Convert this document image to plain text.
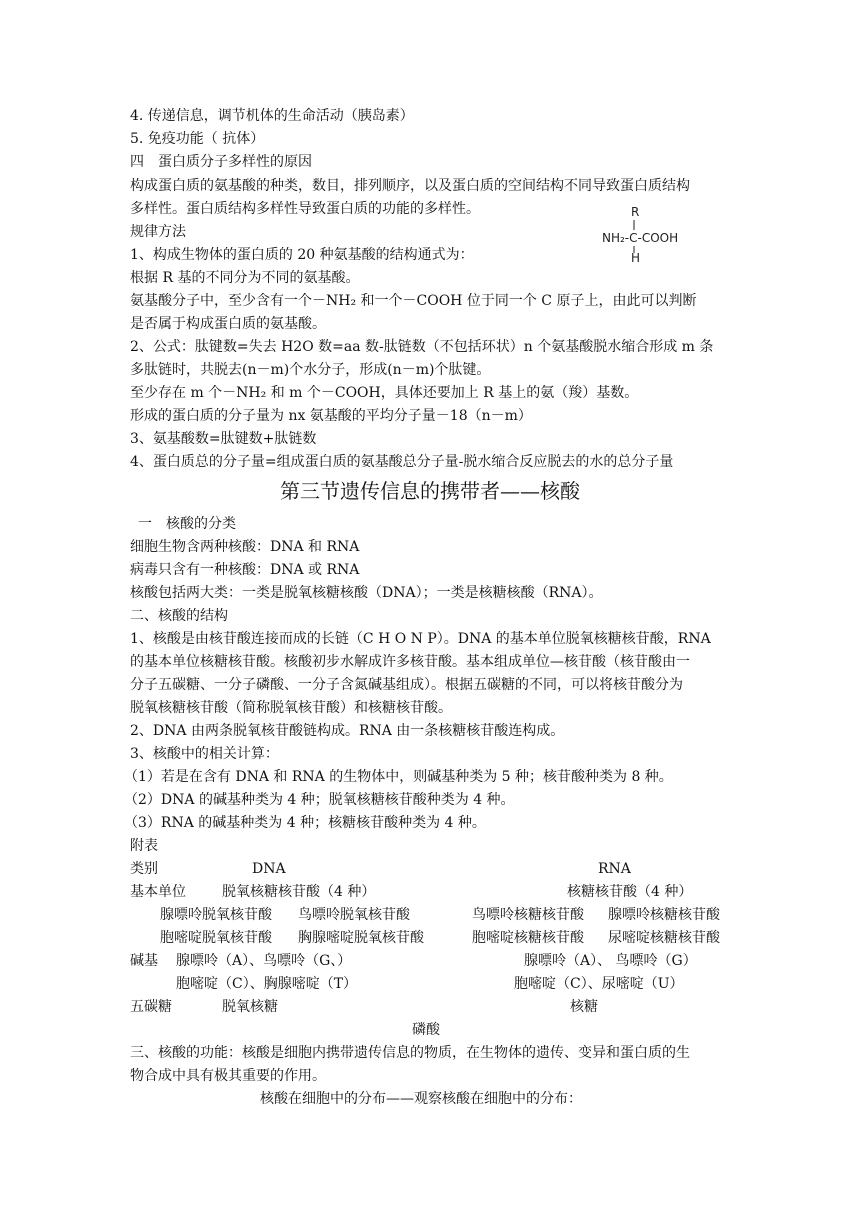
4. 传递信息，调节机体的生命活动（胰岛素）
5. 免疫功能（ 抗体）
四　蛋白质分子多样性的原因
构成蛋白质的氨基酸的种类，数目，排列顺序，以及蛋白质的空间结构不同导致蛋白质结构
多样性。蛋白质结构多样性导致蛋白质的功能的多样性。
规律方法
1、构成生物体的蛋白质的 20 种氨基酸的结构通式为：
R
NH₂-C-COOH
H
根据 R 基的不同分为不同的氨基酸。
氨基酸分子中，至少含有一个－NH₂ 和一个－COOH 位于同一个 C 原子上，由此可以判断
是否属于构成蛋白质的氨基酸。
2、公式：肽键数=失去 H2O 数=aa 数-肽链数（不包括环状）n 个氨基酸脱水缩合形成 m 条
多肽链时，共脱去(n－m)个水分子，形成(n－m)个肽键。
至少存在 m 个－NH₂ 和 m 个－COOH，具体还要加上 R 基上的氨（羧）基数。
形成的蛋白质的分子量为 nx 氨基酸的平均分子量－18（n－m）
3、氨基酸数=肽键数+肽链数
4、蛋白质总的分子量=组成蛋白质的氨基酸总分子量-脱水缩合反应脱去的水的总分子量
第三节遗传信息的携带者——核酸
一　核酸的分类
细胞生物含两种核酸：DNA 和 RNA
病毒只含有一种核酸：DNA 或 RNA
核酸包括两大类：一类是脱氧核糖核酸（DNA）；一类是核糖核酸（RNA）。
二、核酸的结构
1、核酸是由核苷酸连接而成的长链（C H O N P）。DNA 的基本单位脱氧核糖核苷酸，RNA
的基本单位核糖核苷酸。核酸初步水解成许多核苷酸。基本组成单位—核苷酸（核苷酸由一
分子五碳糖、一分子磷酸、一分子含氮碱基组成）。根据五碳糖的不同，可以将核苷酸分为
脱氧核糖核苷酸（简称脱氧核苷酸）和核糖核苷酸。
2、DNA 由两条脱氧核苷酸链构成。RNA 由一条核糖核苷酸连构成。
3、核酸中的相关计算：
（1）若是在含有 DNA 和 RNA 的生物体中，则碱基种类为 5 种；核苷酸种类为 8 种。
（2）DNA 的碱基种类为 4 种；脱氧核糖核苷酸种类为 4 种。
（3）RNA 的碱基种类为 4 种；核糖核苷酸种类为 4 种。
附表
类别	DNA	RNA
基本单位	脱氧核糖核苷酸（4 种）	核糖核苷酸（4 种）
腺嘌呤脱氧核苷酸 鸟嘌呤脱氧核苷酸	鸟嘌呤核糖核苷酸 腺嘌呤核糖核苷酸
胞嘧啶脱氧核苷酸 胸腺嘧啶脱氧核苷酸	胞嘧啶核糖核苷酸 尿嘧啶核糖核苷酸
碱基 腺嘌呤（A）、鸟嘌呤（G、）	腺嘌呤（A）、 鸟嘌呤（G）
胞嘧啶（C）、胸腺嘧啶（T）	胞嘧啶（C）、尿嘧啶（U）
五碳糖	脱氧核糖	核糖
磷酸
三、核酸的功能：核酸是细胞内携带遗传信息的物质，在生物体的遗传、变异和蛋白质的生
物合成中具有极其重要的作用。
核酸在细胞中的分布——观察核酸在细胞中的分布：
